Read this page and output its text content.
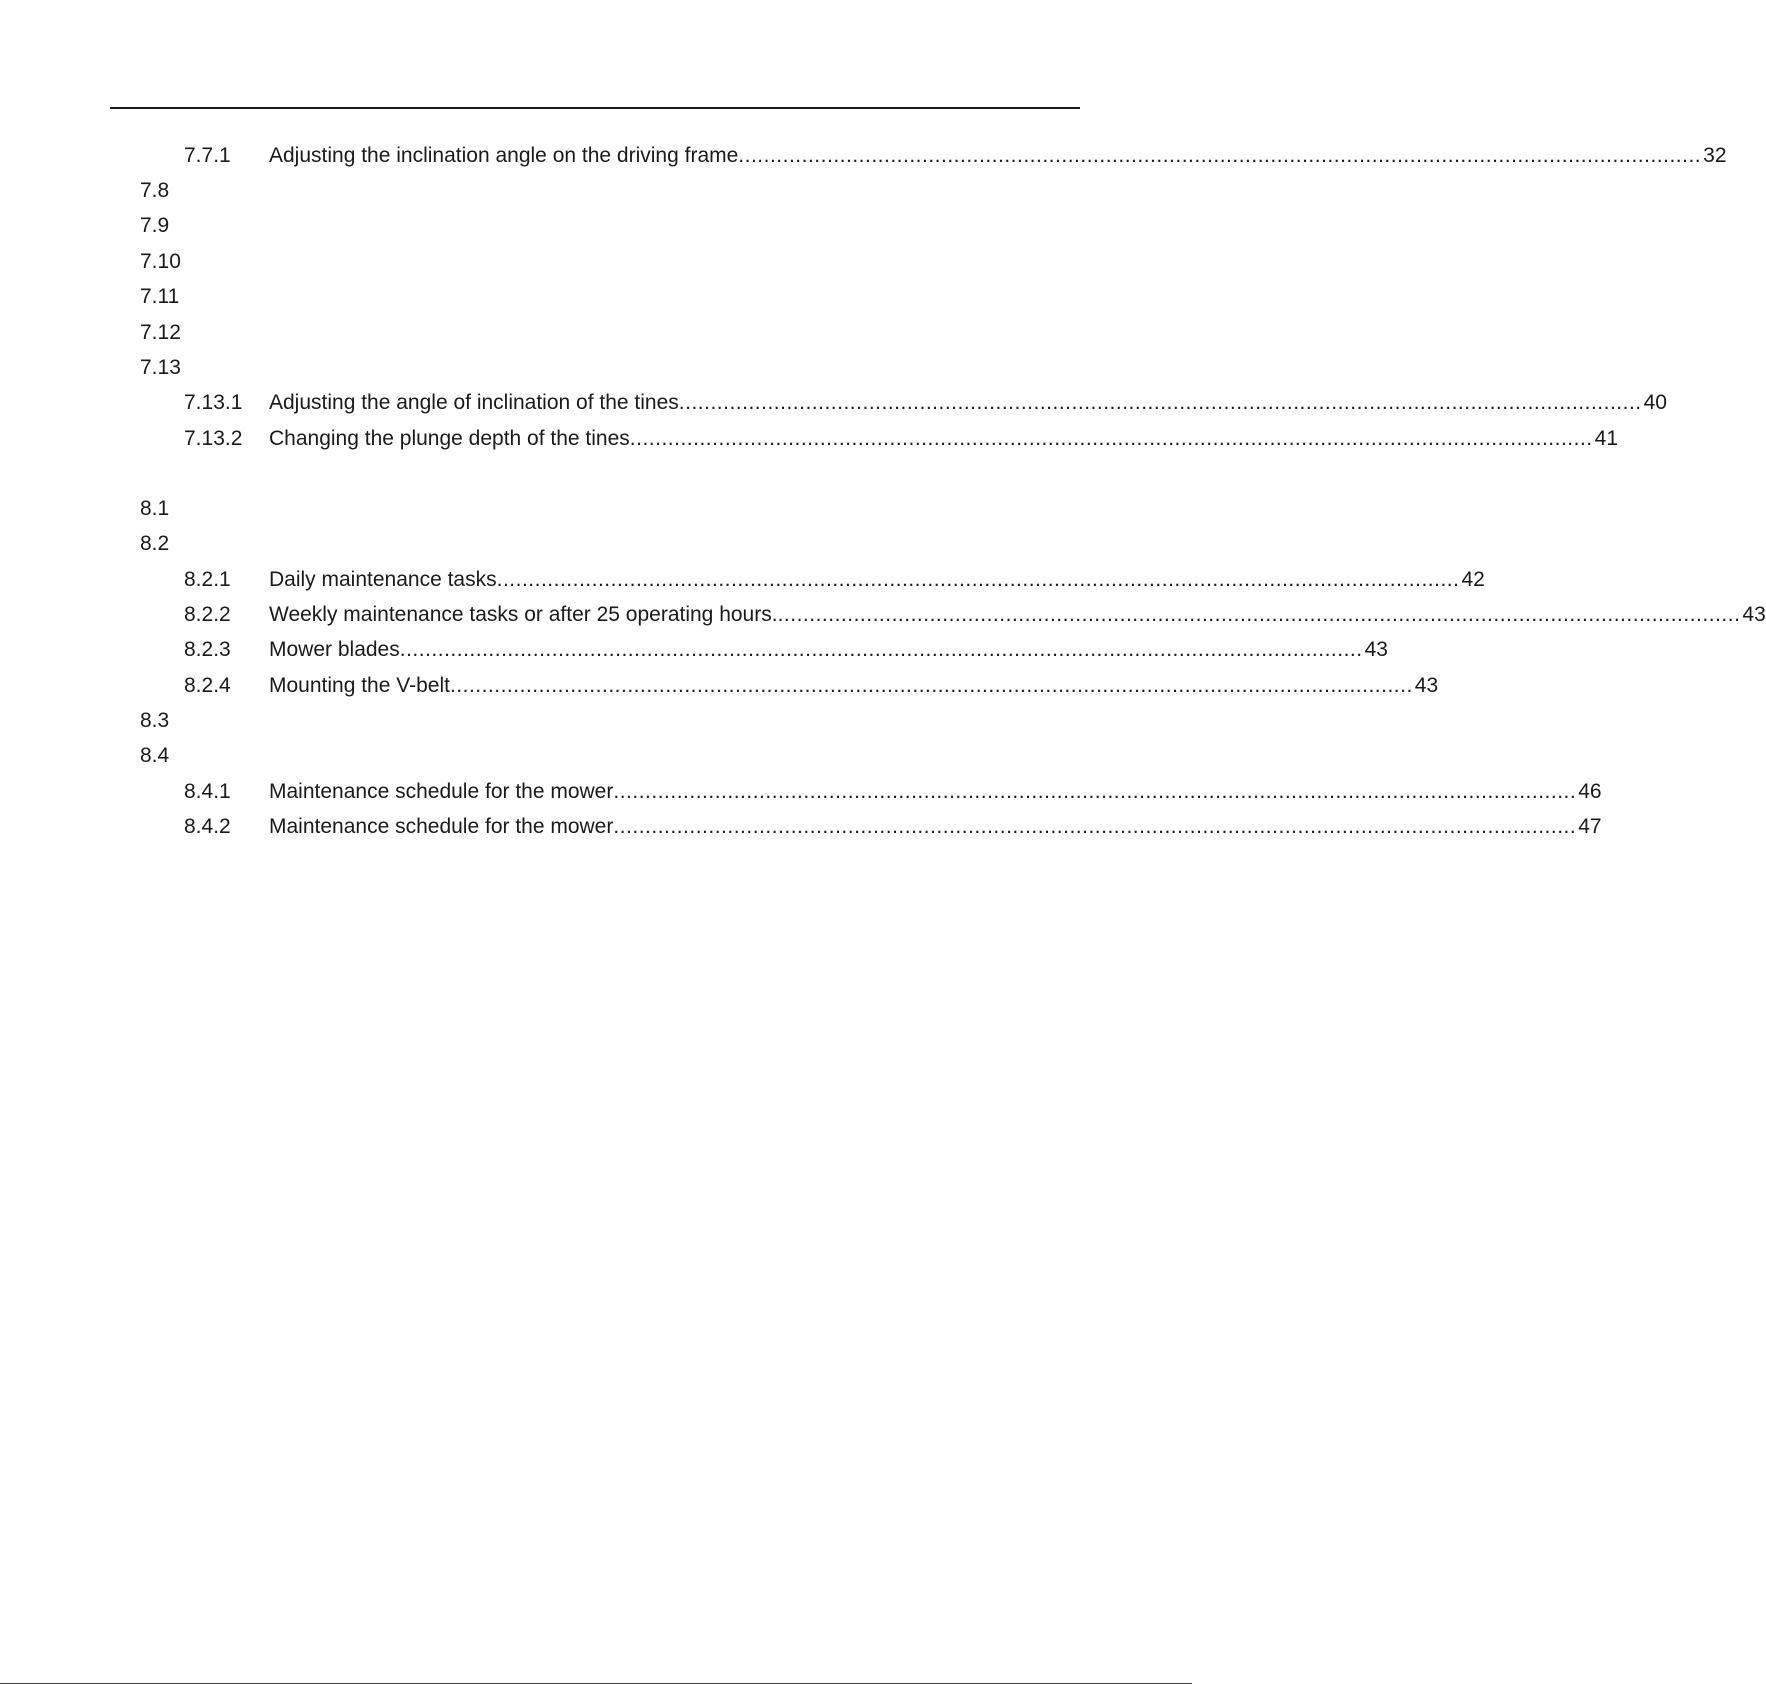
7.7.1 Adjusting the inclination angle on the driving frame ........................................................................................................................................................ 32
7.8
7.9
7.10
7.11
7.12
7.13
7.13.1 Adjusting the angle of inclination of the tines ........................................................................................................................................................ 40
7.13.2 Changing the plunge depth of the tines ........................................................................................................................................................ 41
8.1
8.2
8.2.1 Daily maintenance tasks ........................................................................................................................................................ 42
8.2.2 Weekly maintenance tasks or after 25 operating hours. ........................................................................................................................................................ 43
8.2.3 Mower blades ........................................................................................................................................................ 43
8.2.4 Mounting the V-belt ........................................................................................................................................................ 43
8.3
8.4
8.4.1 Maintenance schedule for the mower ........................................................................................................................................................ 46
8.4.2 Maintenance schedule for the mower ........................................................................................................................................................ 47
